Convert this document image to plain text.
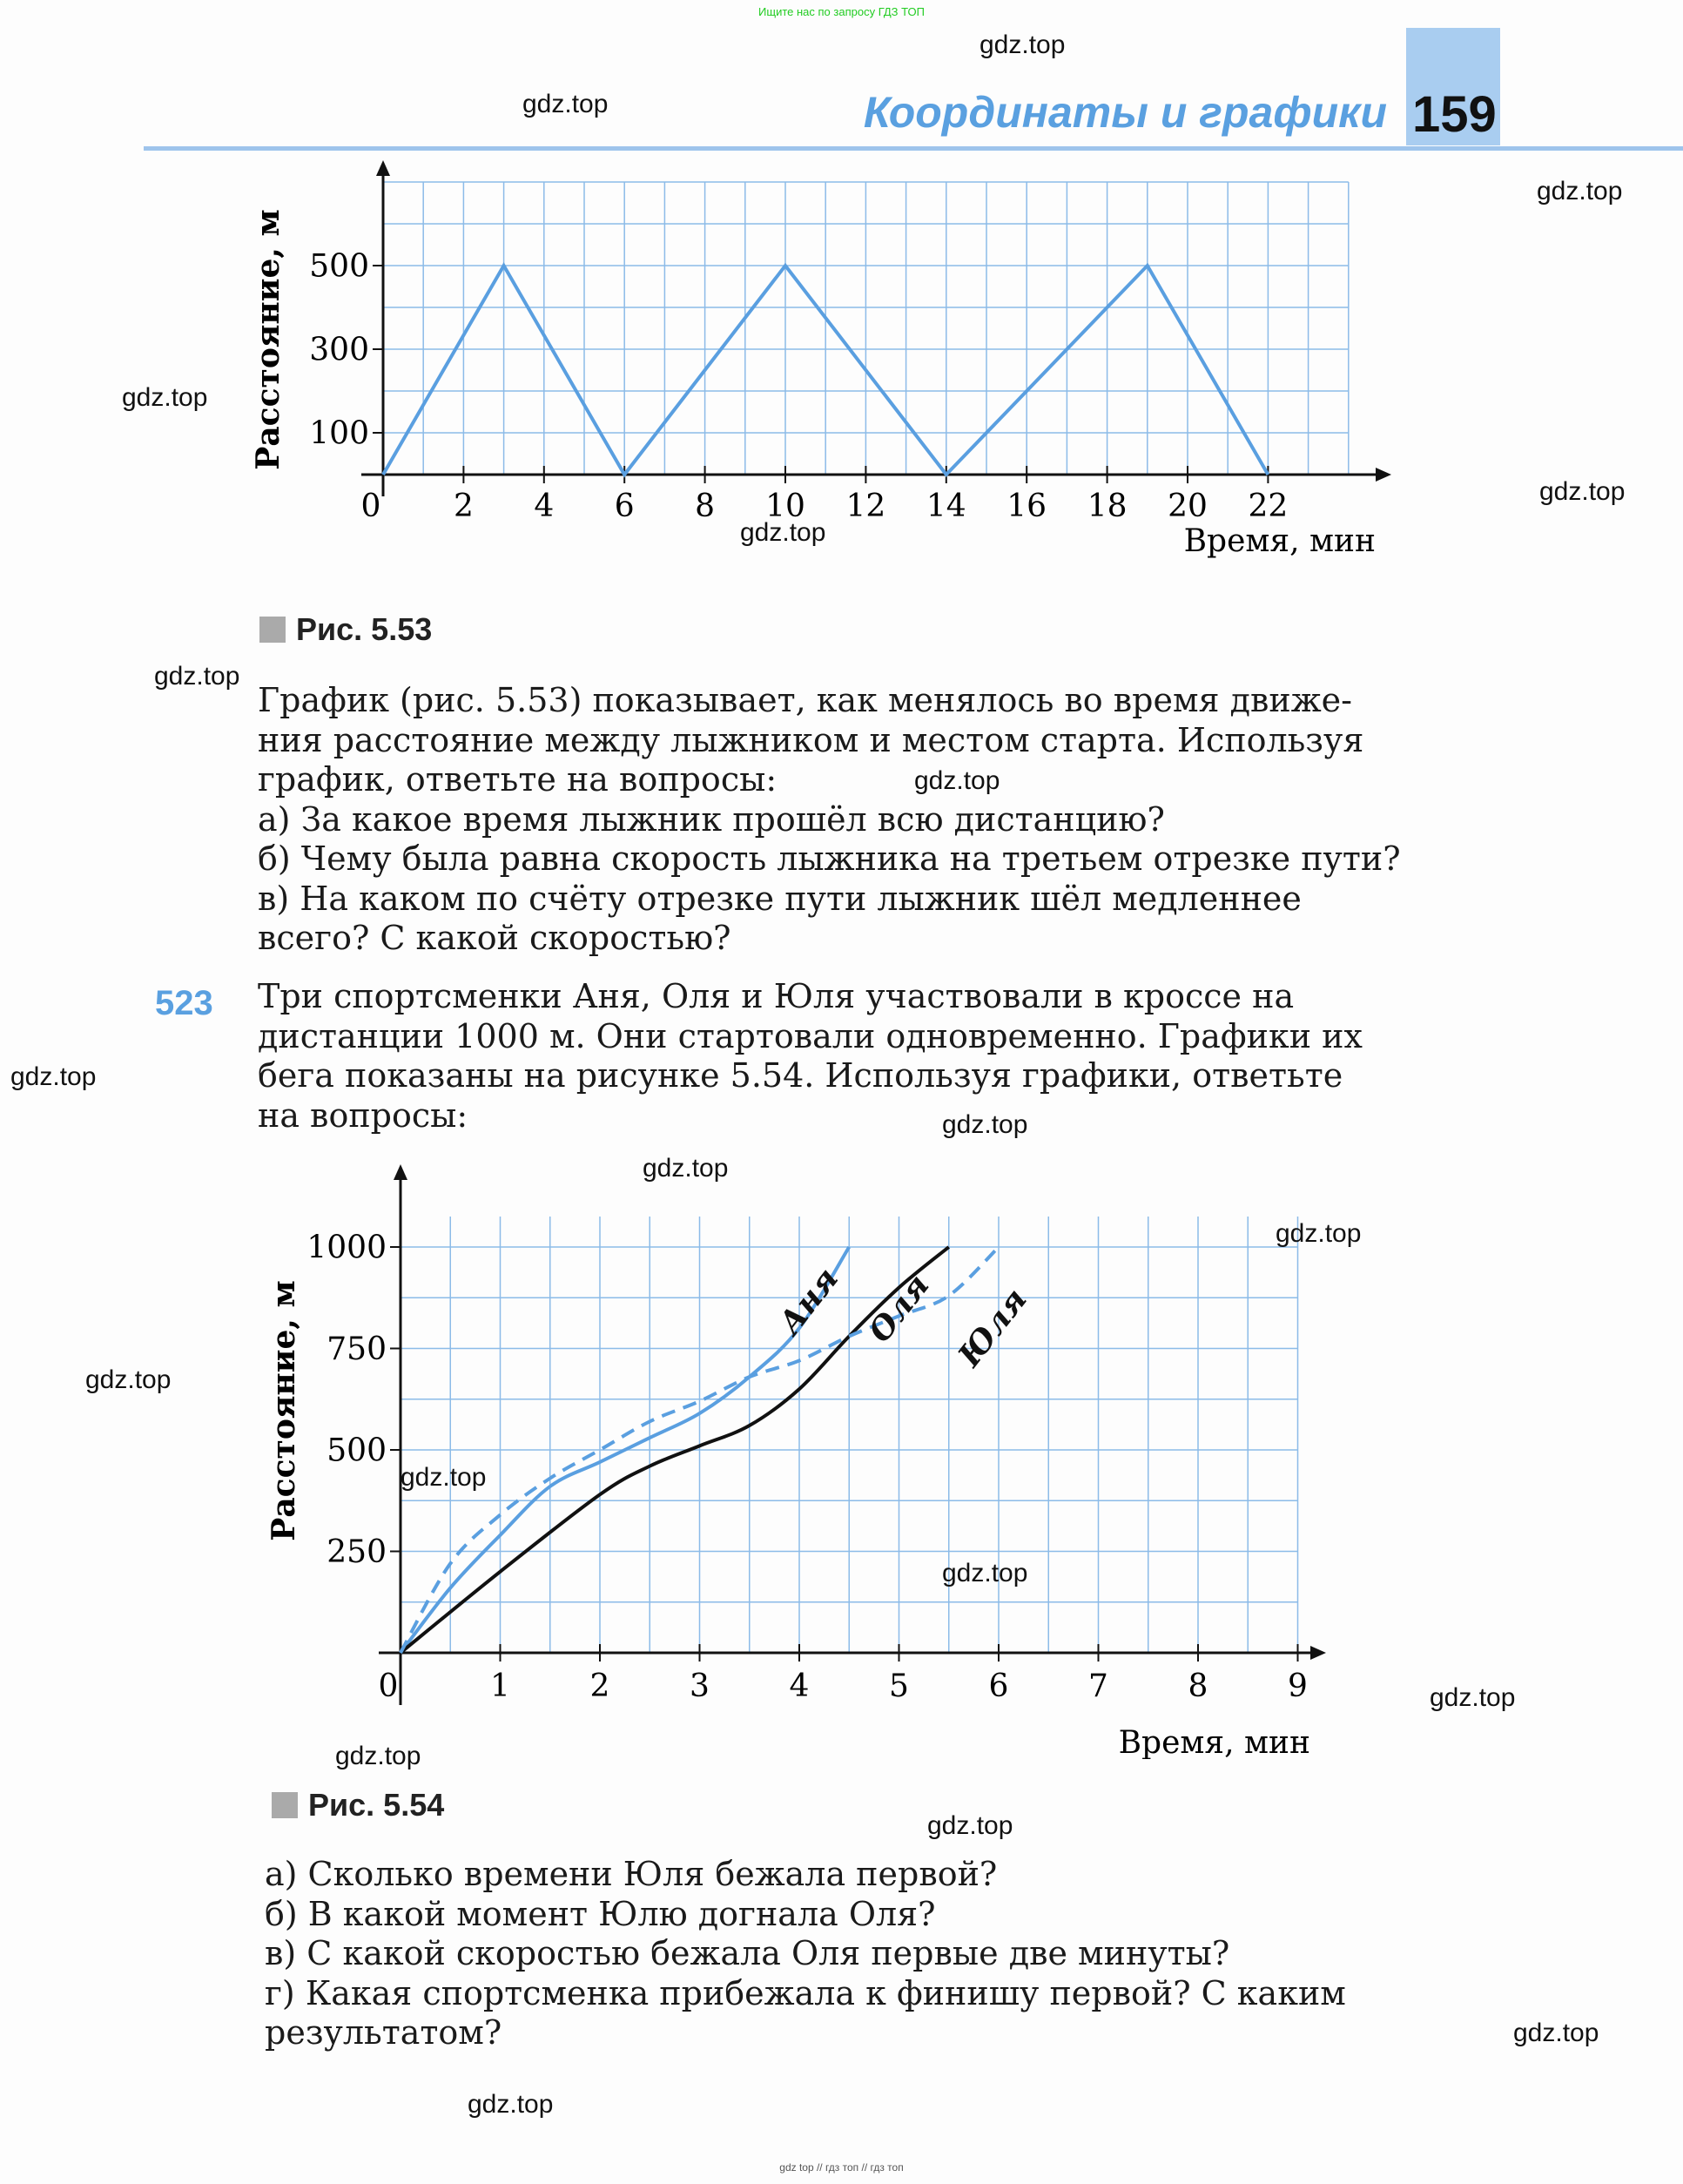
Ищите нас по запросу ГДЗ ТОП
Координаты и графики 159
0 2 4 6 8 10 12 14 16 18 20 22
100
300
500
Время, мин
Расстояние, м
Рис. 5.53
График (рис. 5.53) показывает, как менялось во время движе-
ния расстояние между лыжником и местом старта. Используя
график, ответьте на вопросы:
а) За какое время лыжник прошёл всю дистанцию?
б) Чему была равна скорость лыжника на третьем отрезке пути?
в) На каком по счёту отрезке пути лыжник шёл медленнее
всего? С какой скоростью?
523 Три спортсменки Аня, Оля и Юля участвовали в кроссе на
дистанции 1000 м. Они стартовали одновременно. Графики их
бега показаны на рисунке 5.54. Используя графики, ответьте
на вопросы:
0	1	2	3	4	5	6	7	8	9
250
500
750
1000
Время, мин
Расстояние, м	Аня Оля Юля
Рис. 5.54
а) Сколько времени Юля бежала первой?
б) В какой момент Юлю догнала Оля?
в) С какой скоростью бежала Оля первые две минуты?
г) Какая спортсменка прибежала к финишу первой? С каким
результатом?
gdz.top
gdz.top
gdz.top
gdz.top
gdz.top
gdz.top
gdz.top
gdz.top
gdz.top
gdz.top
gdz.top
gdz.top
gdz.top
gdz.top
gdz.top
gdz.top
gdz.top
gdz.top
gdz.top
gdz.top
gdz top // гдз топ // гдз топ
